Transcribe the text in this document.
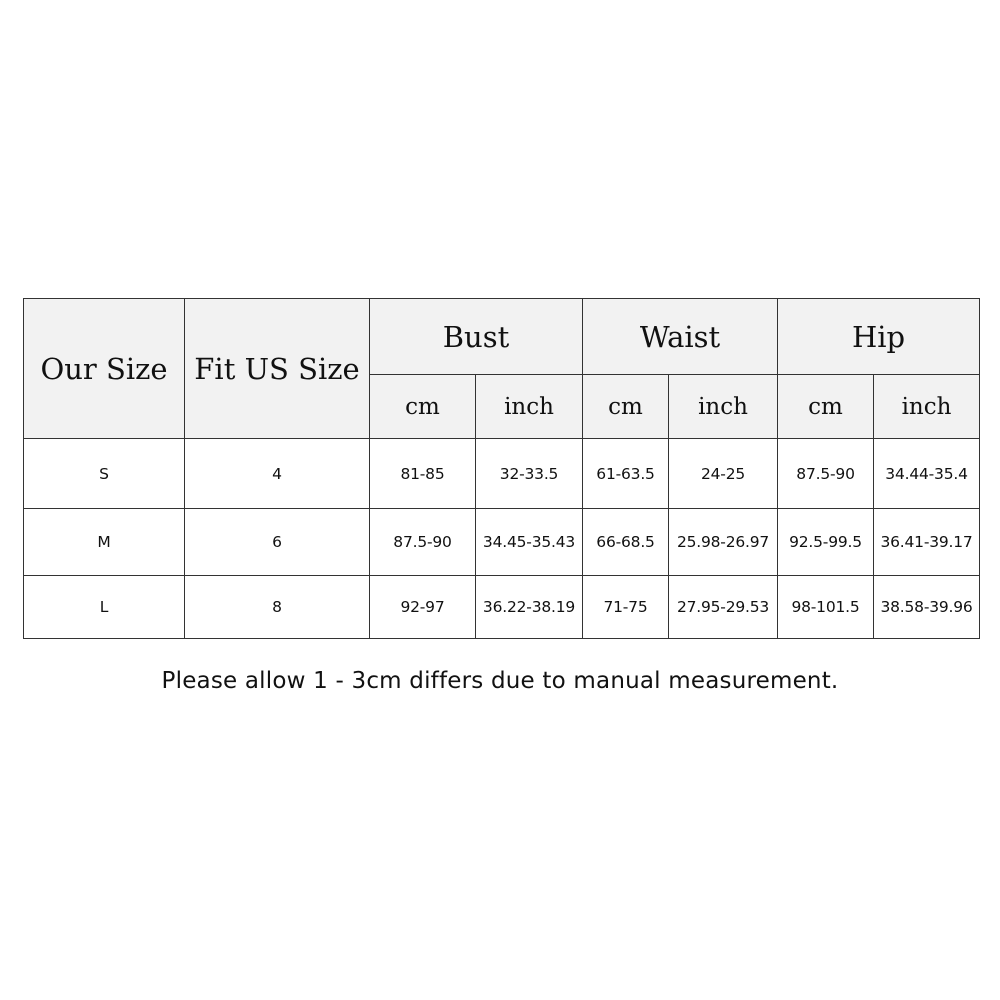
Our Size	Fit US Size	Bust		Waist		Hip	
		cm	inch	cm	inch	cm	inch
S	4	81-85	32-33.5	61-63.5	24-25	87.5-90	34.44-35.4
M	6	87.5-90	34.45-35.43	66-68.5	25.98-26.97	92.5-99.5	36.41-39.17
L	8	92-97	36.22-38.19	71-75	27.95-29.53	98-101.5	38.58-39.96
Please allow 1 - 3cm differs due to manual measurement.
